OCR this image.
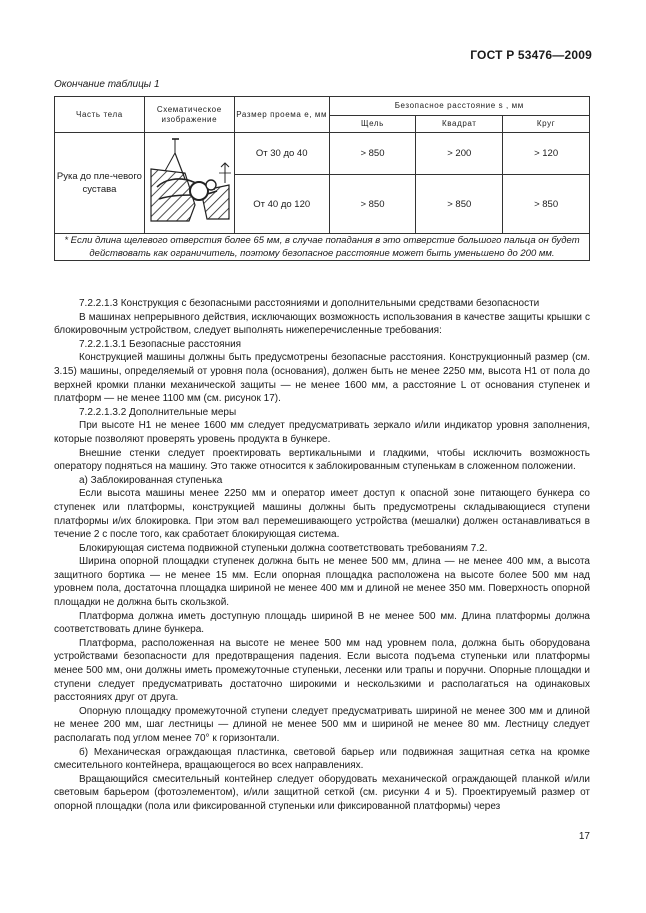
ГОСТ Р 53476—2009
Окончание таблицы 1
Часть тела	Схематическое изображение	Размер проема e, мм	Безопасное расстояние s , мм		
			Щель	Квадрат	Круг
Рука до пле-чевого сустава		От 30 до 40	> 850	> 200	> 120
		От 40 до 120	> 850	> 850	> 850
* Если длина щелевого отверстия более 65 мм, в случае попадания в это отверстие большого пальца он будет действовать как ограничитель, поэтому безопасное расстояние может быть уменьшено до 200 мм.					

7.2.2.1.3 Конструкция с безопасными расстояниями и дополнительными средствами безопасности

В машинах непрерывного действия, исключающих возможность использования в качестве защиты крышки с блокировочным устройством, следует выполнять нижеперечисленные требования:

7.2.2.1.3.1 Безопасные расстояния

Конструкцией машины должны быть предусмотрены безопасные расстояния. Конструкционный размер (см. 3.15) машины, определяемый от уровня пола (основания), должен быть не менее 2250 мм, высота H1 от пола до верхней кромки планки механической защиты — не менее 1600 мм, а расстояние L от основания ступенек и платформ — не менее 1100 мм (см. рисунок 17).

7.2.2.1.3.2 Дополнительные меры

При высоте H1 не менее 1600 мм следует предусматривать зеркало и/или индикатор уровня заполнения, которые позволяют проверять уровень продукта в бункере.

Внешние стенки следует проектировать вертикальными и гладкими, чтобы исключить возможность оператору подняться на машину. Это также относится к заблокированным ступенькам в сложенном положении.

а) Заблокированная ступенька

Если высота машины менее 2250 мм и оператор имеет доступ к опасной зоне питающего бункера со ступенек или платформы, конструкцией машины должны быть предусмотрены складывающиеся ступени платформы и/их блокировка. При этом вал перемешивающего устройства (мешалки) должен останавливаться в течение 2 с после того, как сработает блокирующая система.

Блокирующая система подвижной ступеньки должна соответствовать требованиям 7.2.

Ширина опорной площадки ступенек должна быть не менее 500 мм, длина — не менее 400 мм, а высота защитного бортика — не менее 15 мм. Если опорная площадка расположена на высоте более 500 мм над уровнем пола, достаточна площадка шириной не менее 400 мм и длиной не менее 350 мм. Поверхность опорной площадки не должна быть скользкой.

Платформа должна иметь доступную площадь шириной B не менее 500 мм. Длина платформы должна соответствовать длине бункера.

Платформа, расположенная на высоте не менее 500 мм над уровнем пола, должна быть оборудована устройствами безопасности для предотвращения падения. Если высота подъема ступеньки или платформы менее 500 мм, они должны иметь промежуточные ступеньки, лесенки или трапы и поручни. Опорные площадки и ступени следует предусматривать достаточно широкими и нескользкими и располагаться на одинаковых расстояниях друг от друга.

Опорную площадку промежуточной ступени следует предусматривать шириной не менее 300 мм и длиной не менее 200 мм, шаг лестницы — длиной не менее 500 мм и шириной не менее 80 мм. Лестницу следует располагать под углом менее 70° к горизонтали.

б) Механическая ограждающая пластинка, световой барьер или подвижная защитная сетка на кромке смесительного контейнера, вращающегося во всех направлениях.

Вращающийся смесительный контейнер следует оборудовать механической ограждающей планкой и/или световым барьером (фотоэлементом), и/или защитной сеткой (см. рисунки 4 и 5). Проектируемый размер от опорной площадки (пола или фиксированной ступеньки или фиксированной платформы) через

17
